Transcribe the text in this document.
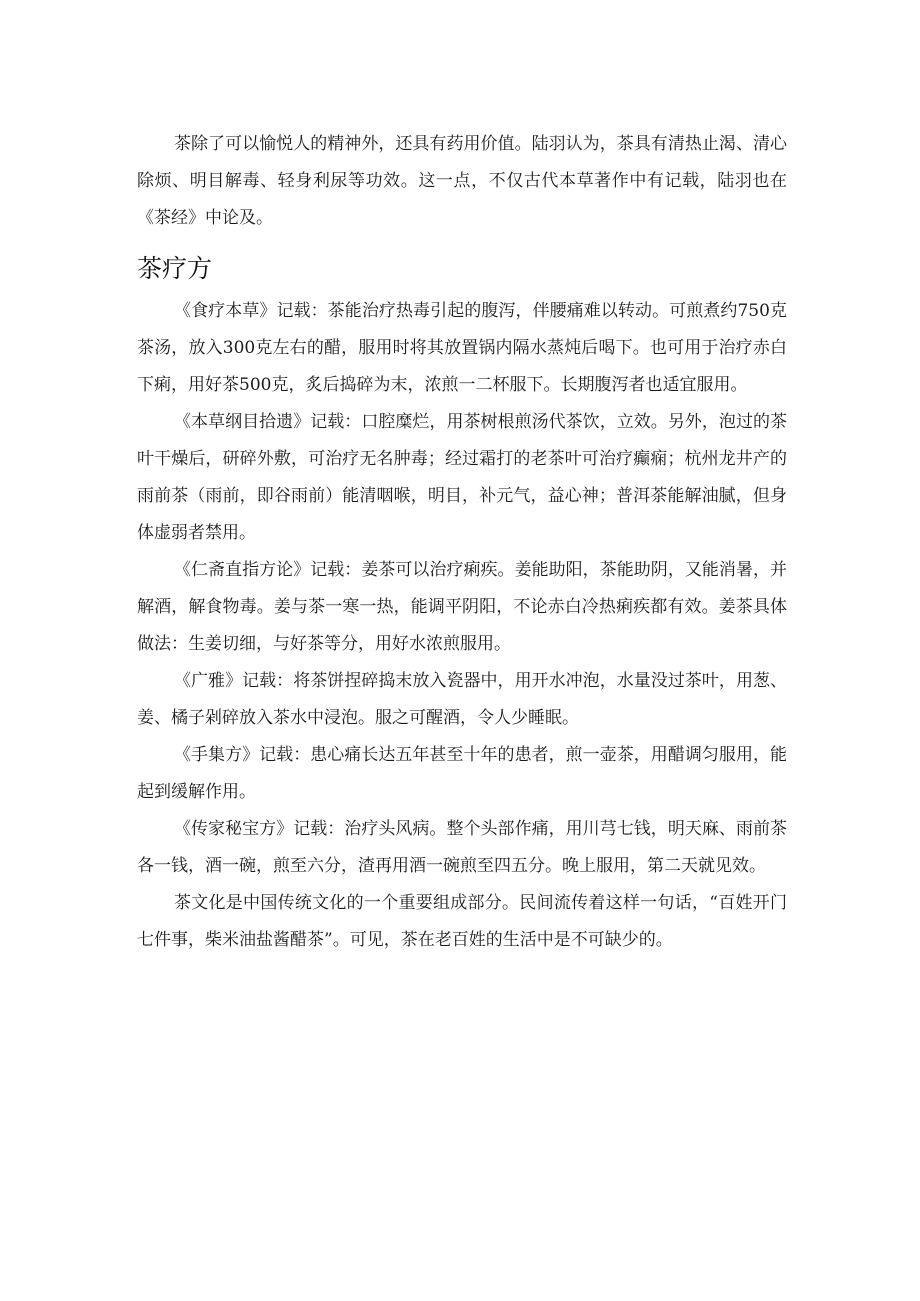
茶除了可以愉悦人的精神外，还具有药用价值。陆羽认为，茶具有清热止渴、清心除烦、明目解毒、轻身利尿等功效。这一点，不仅古代本草著作中有记载，陆羽也在《茶经》中论及。

茶疗方

《食疗本草》记载：茶能治疗热毒引起的腹泻，伴腰痛难以转动。可煎煮约750克茶汤，放入300克左右的醋，服用时将其放置锅内隔水蒸炖后喝下。也可用于治疗赤白下痢，用好茶500克，炙后捣碎为末，浓煎一二杯服下。长期腹泻者也适宜服用。

《本草纲目拾遗》记载：口腔糜烂，用茶树根煎汤代茶饮，立效。另外，泡过的茶叶干燥后，研碎外敷，可治疗无名肿毒；经过霜打的老茶叶可治疗癫痫；杭州龙井产的雨前茶（雨前，即谷雨前）能清咽喉，明目，补元气，益心神；普洱茶能解油腻，但身体虚弱者禁用。

《仁斋直指方论》记载：姜茶可以治疗痢疾。姜能助阳，茶能助阴，又能消暑，并解酒，解食物毒。姜与茶一寒一热，能调平阴阳，不论赤白冷热痢疾都有效。姜茶具体做法：生姜切细，与好茶等分，用好水浓煎服用。

《广雅》记载：将茶饼捏碎捣末放入瓷器中，用开水冲泡，水量没过茶叶，用葱、姜、橘子剁碎放入茶水中浸泡。服之可醒酒，令人少睡眠。

《手集方》记载：患心痛长达五年甚至十年的患者，煎一壶茶，用醋调匀服用，能起到缓解作用。

《传家秘宝方》记载：治疗头风病。整个头部作痛，用川芎七钱，明天麻、雨前茶各一钱，酒一碗，煎至六分，渣再用酒一碗煎至四五分。晚上服用，第二天就见效。

茶文化是中国传统文化的一个重要组成部分。民间流传着这样一句话，“百姓开门七件事，柴米油盐酱醋茶”。可见，茶在老百姓的生活中是不可缺少的。
